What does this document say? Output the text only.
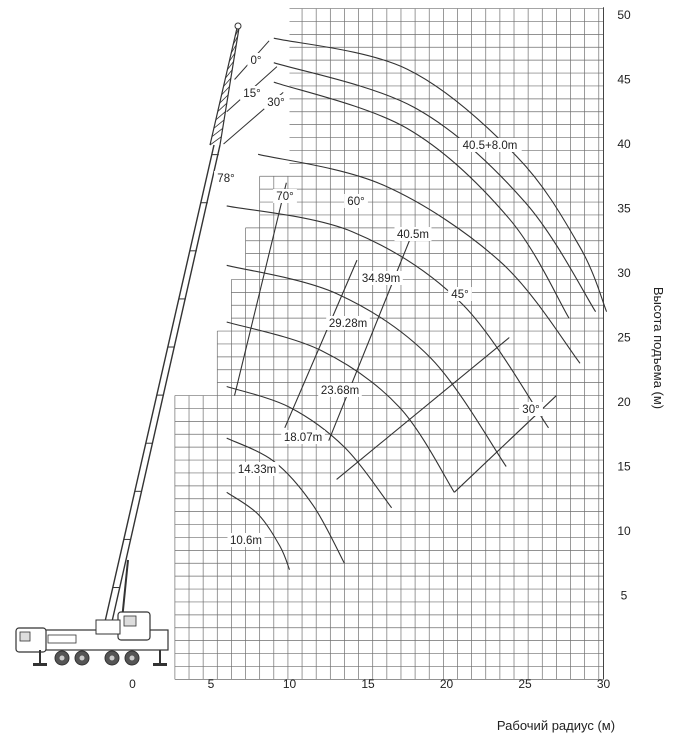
0	5	10	15	20	25	30
5
10
15
20
25
30
35
40
45
50
10.6m
14.33m
18.07m
23.68m
29.28m
34.89m
40.5m
40.5+8.0m
0°
15°
30°
45°
60°
70°
78°
30°
Высота подъема (м)
Рабочий радиус (м)
